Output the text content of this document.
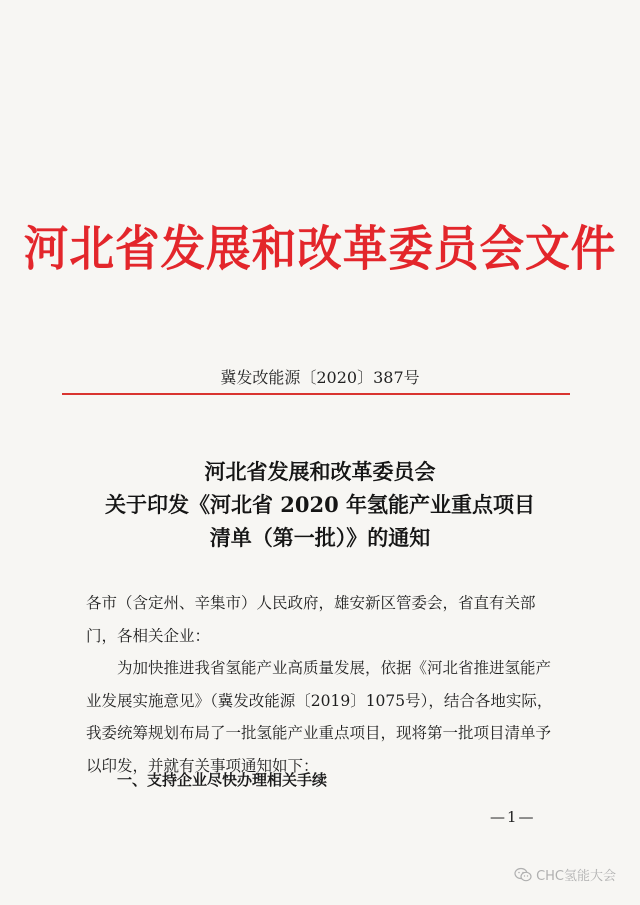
河北省发展和改革委员会文件
冀发改能源〔2020〕387号
河北省发展和改革委员会
关于印发《河北省 2020 年氢能产业重点项目
清单（第一批）》的通知

各市（含定州、辛集市）人民政府，雄安新区管委会，省直有关部门，各相关企业：

为加快推进我省氢能产业高质量发展，依据《河北省推进氢能产业发展实施意见》（冀发改能源〔2019〕1075号），结合各地实际，我委统筹规划布局了一批氢能产业重点项目，现将第一批项目清单予以印发，并就有关事项通知如下：

一、支持企业尽快办理相关手续
—1—
CHC氢能大会
